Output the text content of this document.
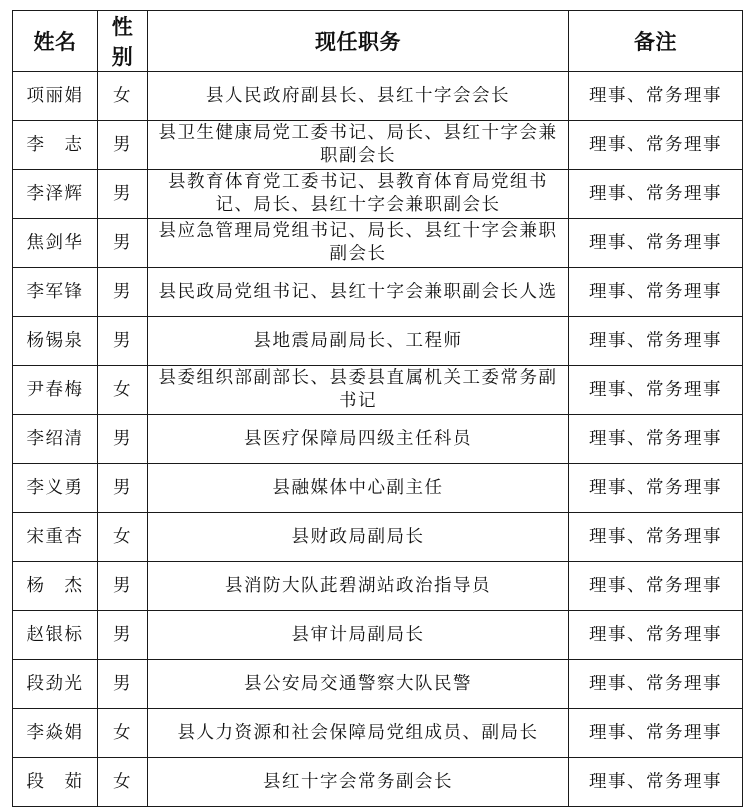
姓名	性别	现任职务	备注
项丽娟	女	县人民政府副县长、县红十字会会长	理事、常务理事
李　志	男	县卫生健康局党工委书记、局长、县红十字会兼职副会长	理事、常务理事
李泽辉	男	县教育体育党工委书记、县教育体育局党组书记、局长、县红十字会兼职副会长	理事、常务理事
焦剑华	男	县应急管理局党组书记、局长、县红十字会兼职副会长	理事、常务理事
李军锋	男	县民政局党组书记、县红十字会兼职副会长人选	理事、常务理事
杨锡泉	男	县地震局副局长、工程师	理事、常务理事
尹春梅	女	县委组织部副部长、县委县直属机关工委常务副书记	理事、常务理事
李绍清	男	县医疗保障局四级主任科员	理事、常务理事
李义勇	男	县融媒体中心副主任	理事、常务理事
宋重杏	女	县财政局副局长	理事、常务理事
杨　杰	男	县消防大队茈碧湖站政治指导员	理事、常务理事
赵银标	男	县审计局副局长	理事、常务理事
段劲光	男	县公安局交通警察大队民警	理事、常务理事
李焱娟	女	县人力资源和社会保障局党组成员、副局长	理事、常务理事
段　茹	女	县红十字会常务副会长	理事、常务理事
